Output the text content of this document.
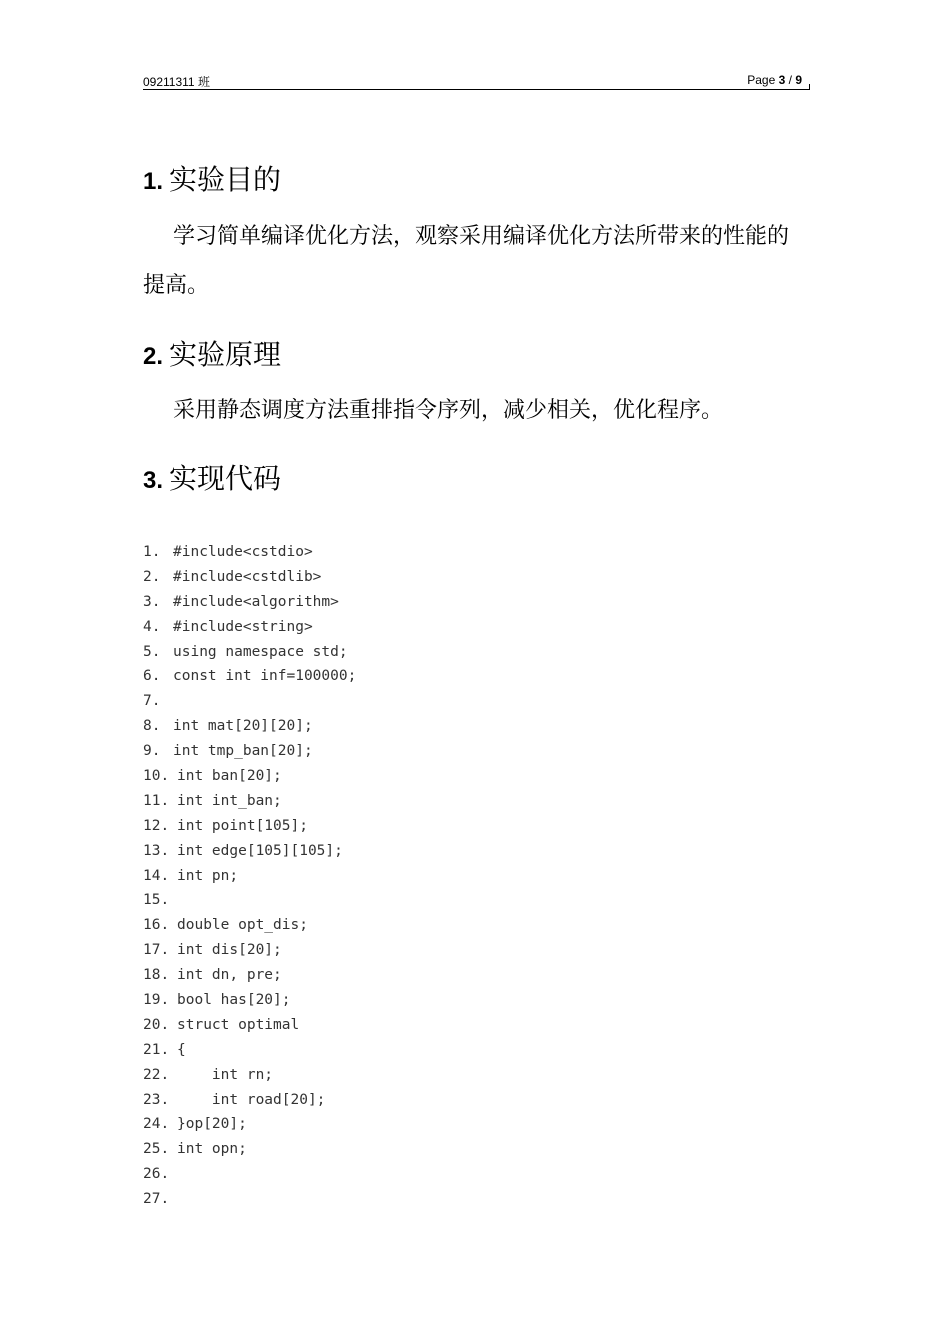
09211311 班	Page 3 / 9
1. 实验目的
学习简单编译优化方法，观察采用编译优化方法所带来的性能的
提高。
2. 实验原理
采用静态调度方法重排指令序列，减少相关，优化程序。
3. 实现代码
1. #include<cstdio>
2. #include<cstdlib>
3. #include<algorithm>
4. #include<string>
5. using namespace std;
6. const int inf=100000;
7.
8. int mat[20][20];
9. int tmp_ban[20];
10. int ban[20];
11. int int_ban;
12. int point[105];
13. int edge[105][105];
14. int pn;
15.
16. double opt_dis;
17. int dis[20];
18. int dn, pre;
19. bool has[20];
20. struct optimal
21. {
22.    int rn;
23.    int road[20];
24. }op[20];
25. int opn;
26.
27.
